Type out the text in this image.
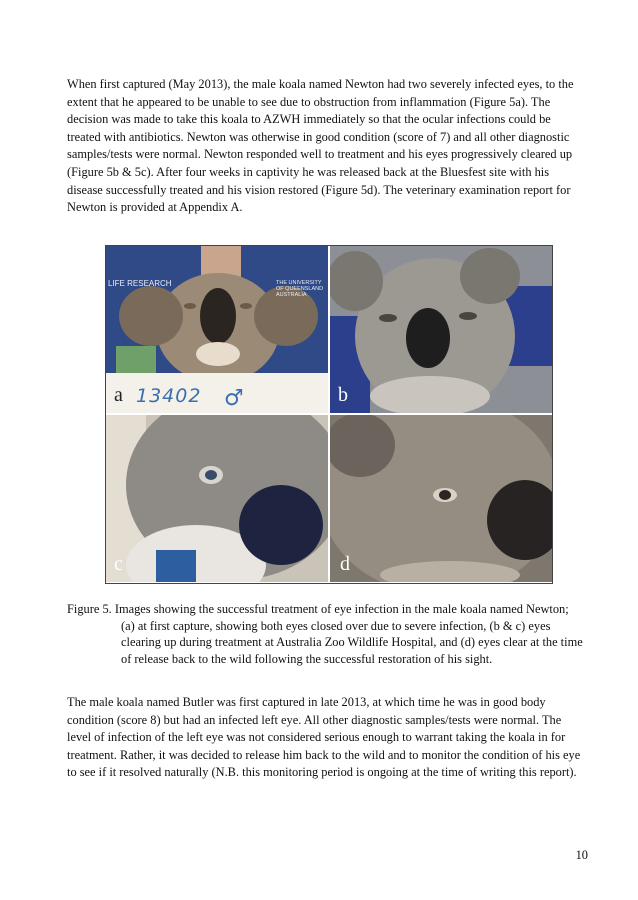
When first captured (May 2013), the male koala named Newton had two severely infected eyes, to the extent that he appeared to be unable to see due to obstruction from inflammation (Figure 5a). The decision was made to take this koala to AZWH immediately so that the ocular infections could be treated with antibiotics. Newton was otherwise in good condition (score of 7) and all other diagnostic samples/tests were normal. Newton responded well to treatment and his eyes progressively cleared up (Figure 5b & 5c). After four weeks in captivity he was released back at the Bluesfest site with his disease successfully treated and his vision restored (Figure 5d). The veterinary examination report for Newton is provided at Appendix A.

LIFE RESEARCH	THE UNIVERSITY OF QUEENSLAND AUSTRALIA
13402 ♂
a	b
c	d
Figure 5. Images showing the successful treatment of eye infection in the male koala named Newton;
(a) at first capture, showing both eyes closed over due to severe infection, (b & c) eyes clearing up during treatment at Australia Zoo Wildlife Hospital, and (d) eyes clear at the time of release back to the wild following the successful restoration of his sight.

The male koala named Butler was first captured in late 2013, at which time he was in good body condition (score 8) but had an infected left eye. All other diagnostic samples/tests were normal. The level of infection of the left eye was not considered serious enough to warrant taking the koala in for treatment. Rather, it was decided to release him back to the wild and to monitor the condition of his eye to see if it resolved naturally (N.B. this monitoring period is ongoing at the time of writing this report).

10
